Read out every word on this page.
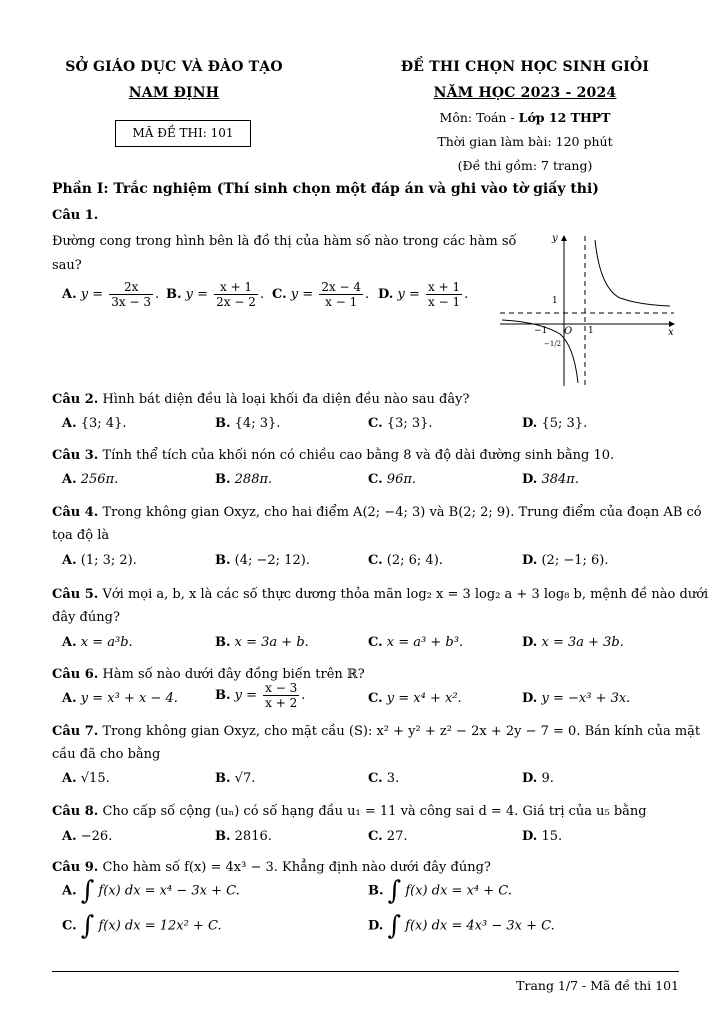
SỞ GIÁO DỤC VÀ ĐÀO TẠO
NAM ĐỊNH
MÃ ĐỀ THI: 101
ĐỀ THI CHỌN HỌC SINH GIỎI
NĂM HỌC 2023 - 2024
Môn: Toán - Lớp 12 THPT
Thời gian làm bài: 120 phút
(Đề thi gồm: 7 trang)
Phần I: Trắc nghiệm (Thí sinh chọn một đáp án và ghi vào tờ giấy thi)
Câu 1.
Đường cong trong hình bên là đồ thị của hàm số nào trong các hàm số
sau?
A. $y = \frac{2x}{3x - 3}$ . B. $y = \frac{x + 1}{2x - 2}$ . C. $y = \frac{2x - 4}{x - 1}$ . D. $y = \frac{x + 1}{x - 1}$ .
y
x
O
−1	1
1
−1/2
Câu 2. Hình bát diện đều là loại khối đa diện đều nào sau đây?
A. {3; 4}.	B. {4; 3}.	C. {3; 3}.	D. {5; 3}.
Câu 3. Tính thể tích của khối nón có chiều cao bằng 8 và độ dài đường sinh bằng 10.
A. 256π.	B. 288π.	C. 96π.	D. 384π.
Câu 4. Trong không gian Oxyz, cho hai điểm A(2; −4; 3) và B(2; 2; 9). Trung điểm của đoạn AB có
tọa độ là
A. (1; 3; 2).	B. (4; −2; 12).	C. (2; 6; 4).	D. (2; −1; 6).
Câu 5. Với mọi a, b, x là các số thực dương thỏa mãn log₂ x = 3 log₂ a + 3 log₈ b, mệnh đề nào dưới
đây đúng?
A. x = a³b.	B. x = 3a + b.	C. x = a³ + b³.	D. x = 3a + 3b.
Câu 6. Hàm số nào dưới đây đồng biến trên ℝ?
A. y = x³ + x − 4.	B. $y = \frac{x - 3}{x + 2}$ .	C. y = x⁴ + x².	D. y = −x³ + 3x.
Câu 7. Trong không gian Oxyz, cho mặt cầu (S): x² + y² + z² − 2x + 2y − 7 = 0. Bán kính của mặt
cầu đã cho bằng
A. √15.	B. √7.	C. 3.	D. 9.
Câu 8. Cho cấp số cộng (uₙ) có số hạng đầu u₁ = 11 và công sai d = 4. Giá trị của u₅ bằng
A. −26.	B. 2816.	C. 27.	D. 15.
Câu 9. Cho hàm số f(x) = 4x³ − 3. Khẳng định nào dưới đây đúng?
A. ∫ f(x) dx = x⁴ − 3x + C.	B. ∫ f(x) dx = x⁴ + C.
C. ∫ f(x) dx = 12x² + C.	D. ∫ f(x) dx = 4x³ − 3x + C.
Trang 1/7 - Mã đề thi 101
